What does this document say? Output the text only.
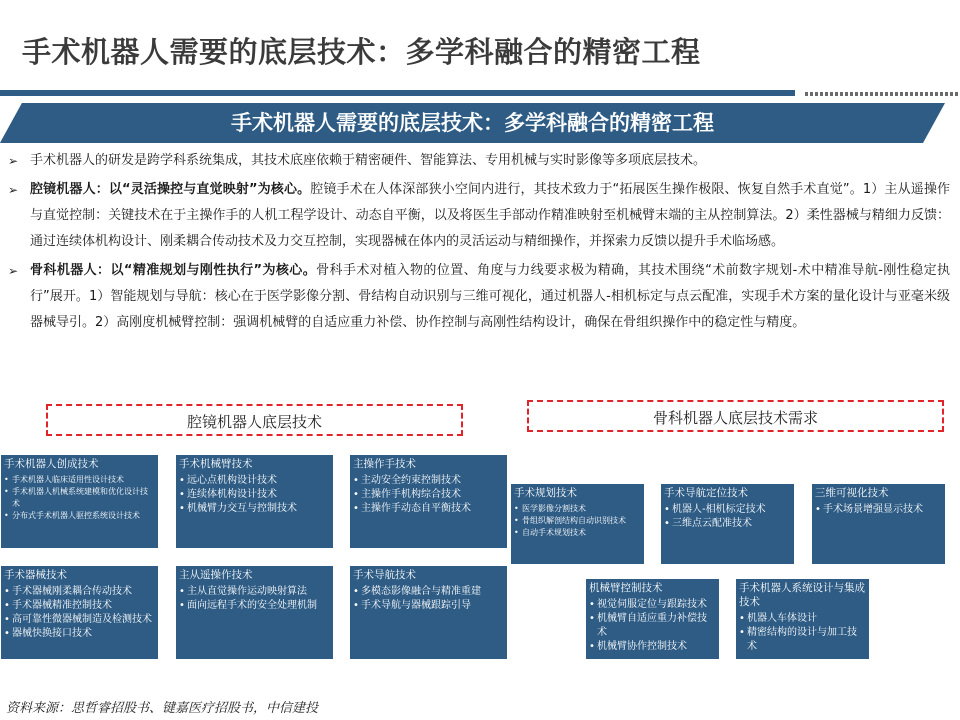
手术机器人需要的底层技术：多学科融合的精密工程
手术机器人需要的底层技术：多学科融合的精密工程
➢ 手术机器人的研发是跨学科系统集成，其技术底座依赖于精密硬件、智能算法、专用机械与实时影像等多项底层技术。
➢ 腔镜机器人：以“灵活操控与直觉映射”为核心。腔镜手术在人体深部狭小空间内进行，其技术致力于“拓展医生操作极限、恢复自然手术直觉”。1）主从遥操作与直觉控制：关键技术在于主操作手的人机工程学设计、动态自平衡，以及将医生手部动作精准映射至机械臂末端的主从控制算法。2）柔性器械与精细力反馈：通过连续体机构设计、刚柔耦合传动技术及力交互控制，实现器械在体内的灵活运动与精细操作，并探索力反馈以提升手术临场感。
➢ 骨科机器人：以“精准规划与刚性执行”为核心。骨科手术对植入物的位置、角度与力线要求极为精确，其技术围绕“术前数字规划-术中精准导航-刚性稳定执行”展开。1）智能规划与导航：核心在于医学影像分割、骨结构自动识别与三维可视化，通过机器人-相机标定与点云配准，实现手术方案的量化设计与亚毫米级器械导引。2）高刚度机械臂控制：强调机械臂的自适应重力补偿、协作控制与高刚性结构设计，确保在骨组织操作中的稳定性与精度。
腔镜机器人底层技术	骨科机器人底层技术需求
手术机器人创成技术
• 手术机器人临床适用性设计技术
• 手术机器人机械系统建模和优化设计技术
• 分布式手术机器人驱控系统设计技术
手术机械臂技术
• 远心点机构设计技术
• 连续体机构设计技术
• 机械臂力交互与控制技术
主操作手技术
• 主动安全约束控制技术
• 主操作手机构综合技术
• 主操作手动态自平衡技术
手术器械技术
• 手术器械刚柔耦合传动技术
• 手术器械精准控制技术
• 高可靠性微器械制造及检测技术
• 器械快换接口技术
主从遥操作技术
• 主从直觉操作运动映射算法
• 面向远程手术的安全处理机制
手术导航技术
• 多模态影像融合与精准重建
• 手术导航与器械跟踪引导
手术规划技术
• 医学影像分割技术
• 骨组织解剖结构自动识别技术
• 自动手术规划技术
手术导航定位技术
• 机器人-相机标定技术
• 三维点云配准技术
三维可视化技术
• 手术场景增强显示技术
机械臂控制技术
• 视觉伺服定位与跟踪技术
• 机械臂自适应重力补偿技术
• 机械臂协作控制技术
手术机器人系统设计与集成技术
• 机器人车体设计
• 精密结构的设计与加工技术
资料来源：思哲睿招股书、键嘉医疗招股书，中信建投
